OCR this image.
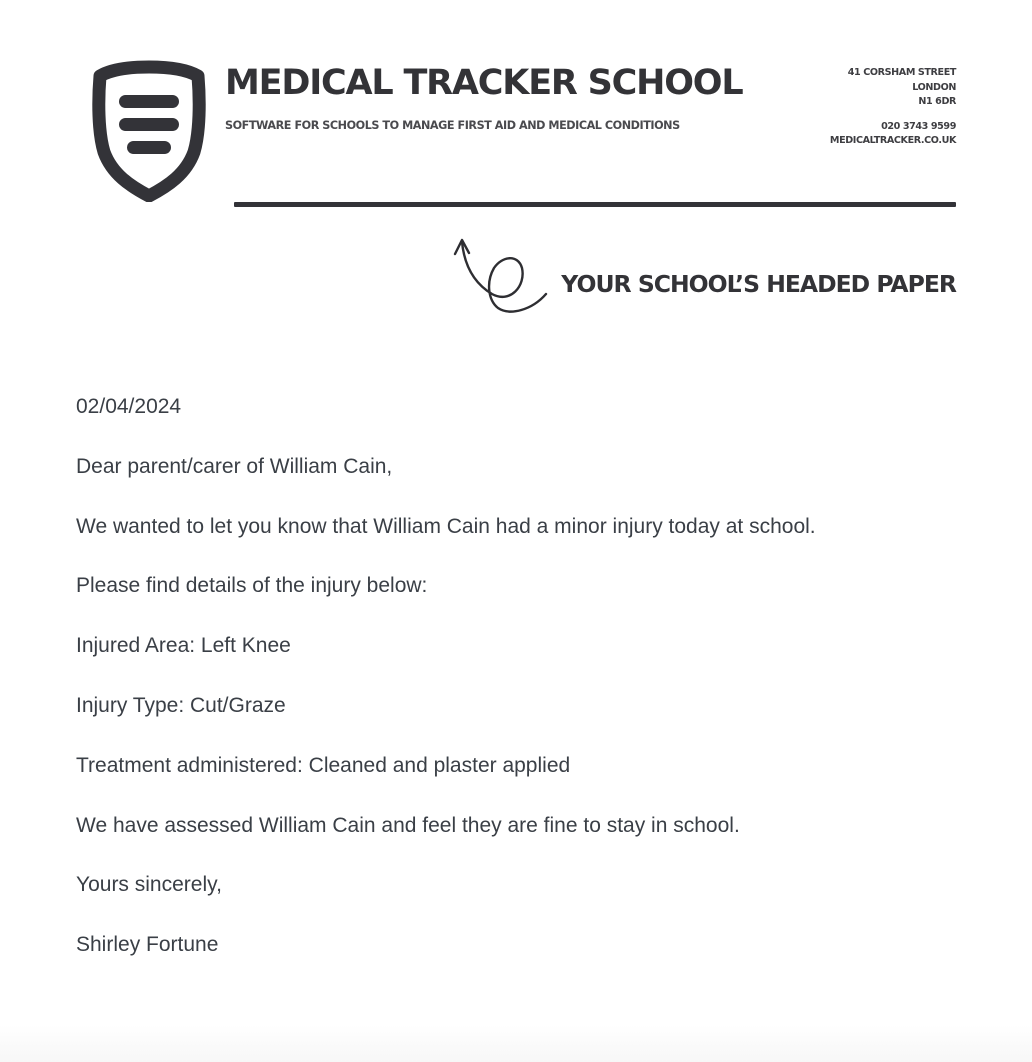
MEDICAL TRACKER SCHOOL
SOFTWARE FOR SCHOOLS TO MANAGE FIRST AID AND MEDICAL CONDITIONS
41 CORSHAM STREET
LONDON
N1 6DR
020 3743 9599
MEDICALTRACKER.CO.UK
YOUR SCHOOL’S HEADED PAPER

02/04/2024

Dear parent/carer of William Cain,

We wanted to let you know that William Cain had a minor injury today at school.

Please find details of the injury below:

Injured Area: Left Knee

Injury Type: Cut/Graze

Treatment administered: Cleaned and plaster applied

We have assessed William Cain and feel they are fine to stay in school.

Yours sincerely,

Shirley Fortune
